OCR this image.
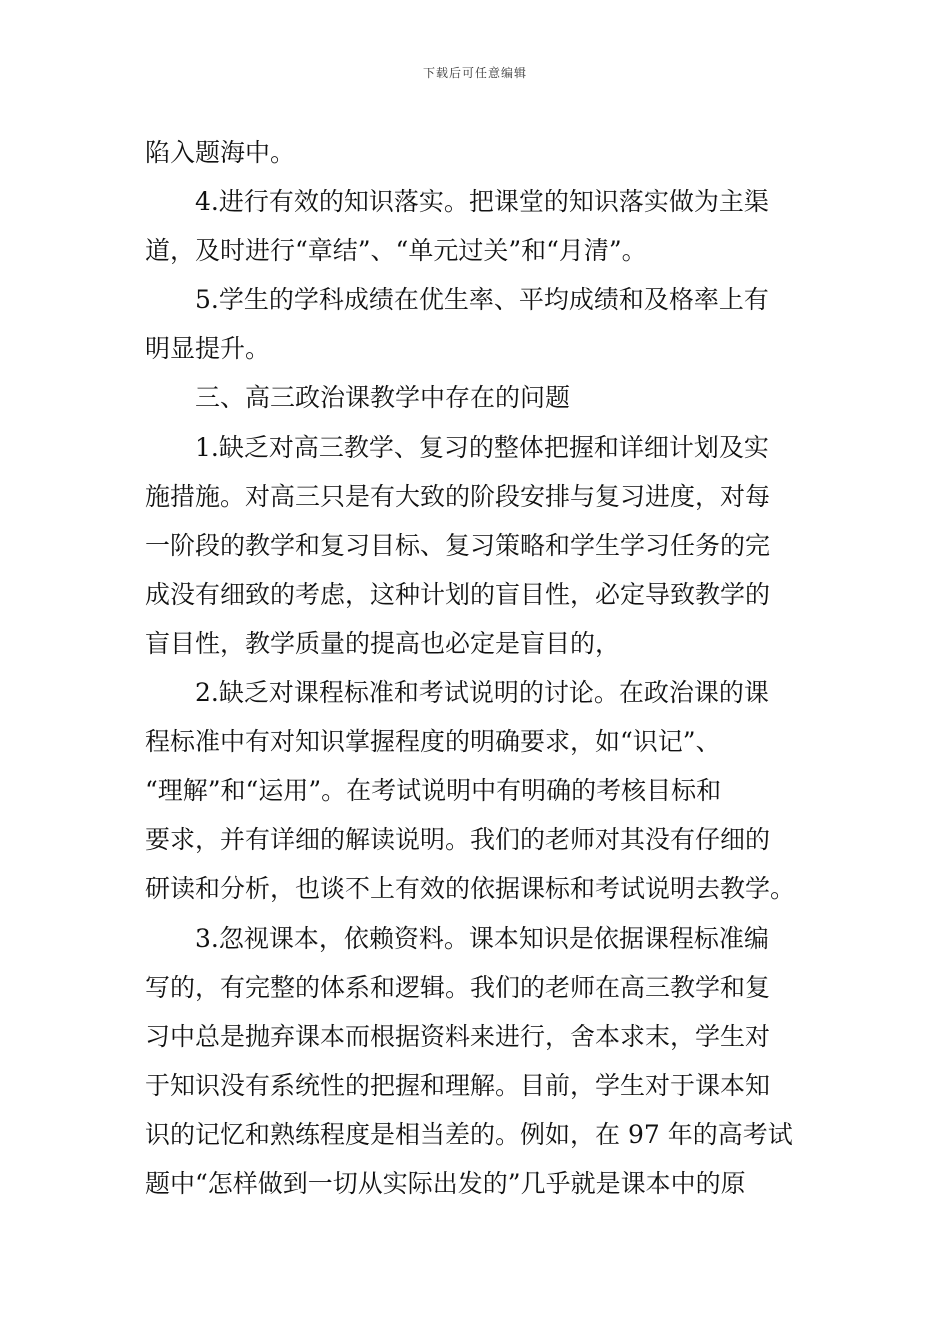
下载后可任意编辑
陷入题海中。
4.进行有效的知识落实。把课堂的知识落实做为主渠
道，及时进行“章结”、“单元过关”和“月清”。
5.学生的学科成绩在优生率、平均成绩和及格率上有
明显提升。
三、高三政治课教学中存在的问题
1.缺乏对高三教学、复习的整体把握和详细计划及实
施措施。对高三只是有大致的阶段安排与复习进度，对每
一阶段的教学和复习目标、复习策略和学生学习任务的完
成没有细致的考虑，这种计划的盲目性，必定导致教学的
盲目性，教学质量的提高也必定是盲目的，
2.缺乏对课程标准和考试说明的讨论。在政治课的课
程标准中有对知识掌握程度的明确要求，如“识记”、
“理解”和“运用”。在考试说明中有明确的考核目标和
要求，并有详细的解读说明。我们的老师对其没有仔细的
研读和分析，也谈不上有效的依据课标和考试说明去教学。
3.忽视课本，依赖资料。课本知识是依据课程标准编
写的，有完整的体系和逻辑。我们的老师在高三教学和复
习中总是抛弃课本而根据资料来进行，舍本求末，学生对
于知识没有系统性的把握和理解。目前，学生对于课本知
识的记忆和熟练程度是相当差的。例如，在 97 年的高考试
题中“怎样做到一切从实际出发的”几乎就是课本中的原
